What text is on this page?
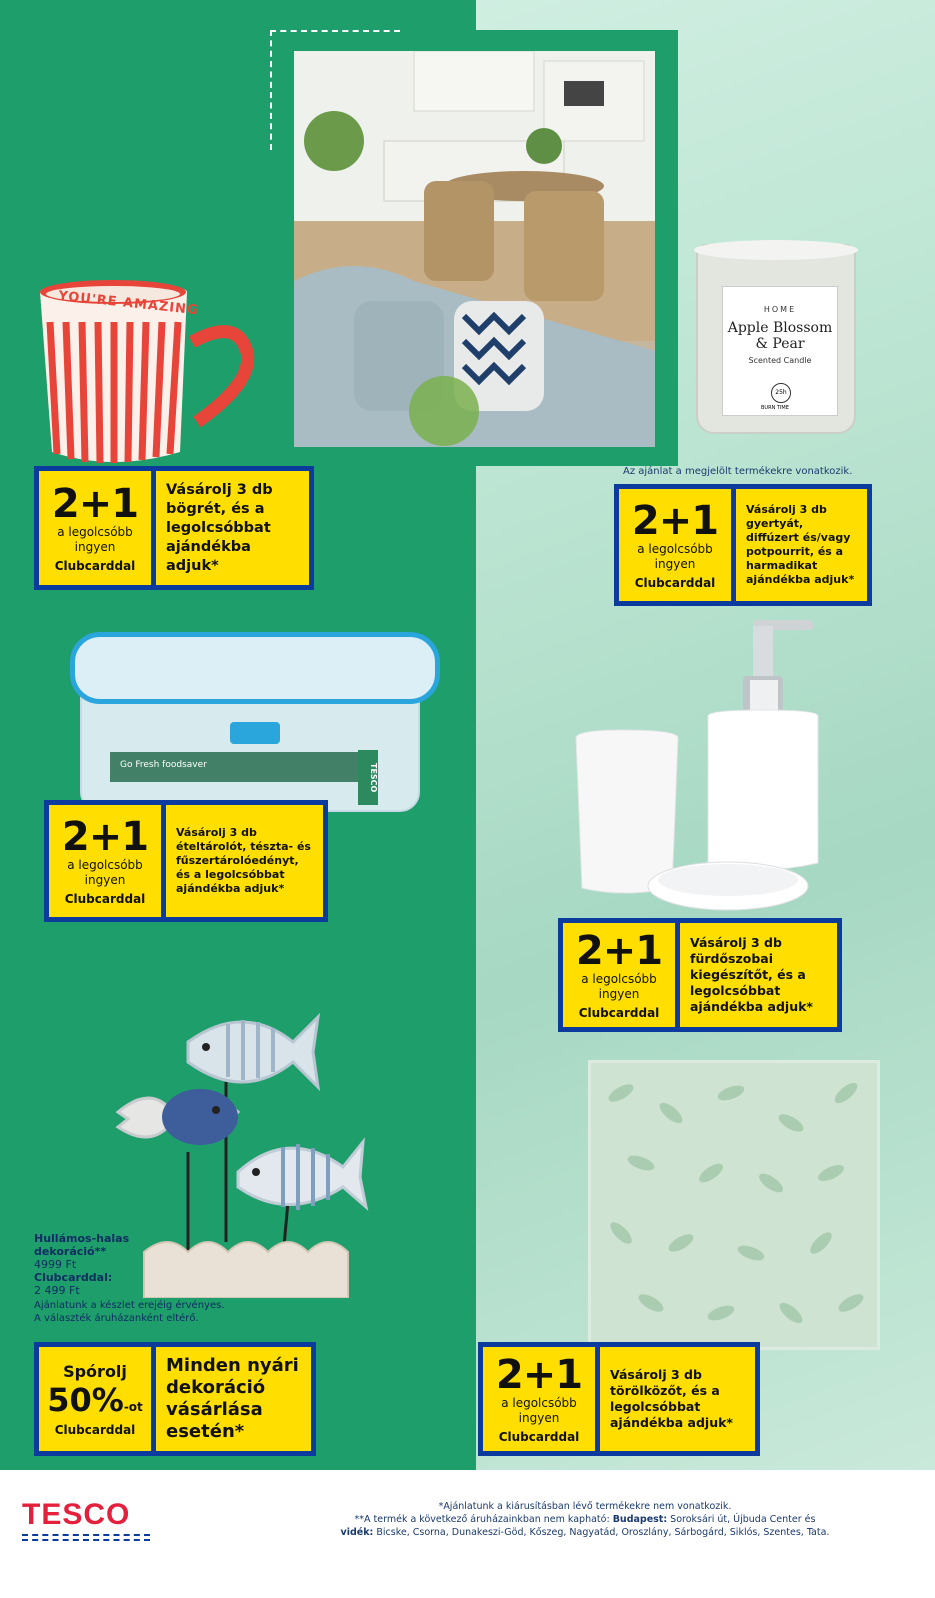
YOU'RE AMAZING	HOME
Apple Blossom
& Pear
Scented Candle
25h
BURN TIME
Az ajánlat a megjelölt termékekre vonatkozik.
2+1
a legolcsóbb
ingyen
Clubcarddal
Vásárolj 3 db bögrét, és a legolcsóbbat ajándékba adjuk*
2+1
a legolcsóbb
ingyen
Clubcarddal
Vásárolj 3 db gyertyát, diffúzert és/vagy potpourrit, és a harmadikat ajándékba adjuk*
Go Fresh foodsaver	TESCO
2+1
a legolcsóbb
ingyen
Clubcarddal
Vásárolj 3 db ételtárolót, tészta- és fűszertárolóedényt, és a legolcsóbbat ajándékba adjuk*
2+1
a legolcsóbb
ingyen
Clubcarddal
Vásárolj 3 db fürdőszobai kiegészítőt, és a legolcsóbbat ajándékba adjuk*
Hullámos-halas
dekoráció**
4999 Ft
Clubcarddal:
2 499 Ft
Ajánlatunk a készlet erejéig érvényes.
A választék áruházanként eltérő.
2+1
a legolcsóbb
ingyen
Clubcarddal
Vásárolj 3 db törölközőt, és a legolcsóbbat ajándékba adjuk*
Spórolj
50% -ot
Clubcarddal
Minden nyári dekoráció vásárlása esetén*
TESCO	*Ajánlatunk a kiárusításban lévő termékekre nem vonatkozik.
**A termék a következő áruházainkban nem kapható: Budapest: Soroksári út, Újbuda Center és
vidék: Bicske, Csorna, Dunakeszi-Göd, Kőszeg, Nagyatád, Oroszlány, Sárbogárd, Siklós, Szentes, Tata.
